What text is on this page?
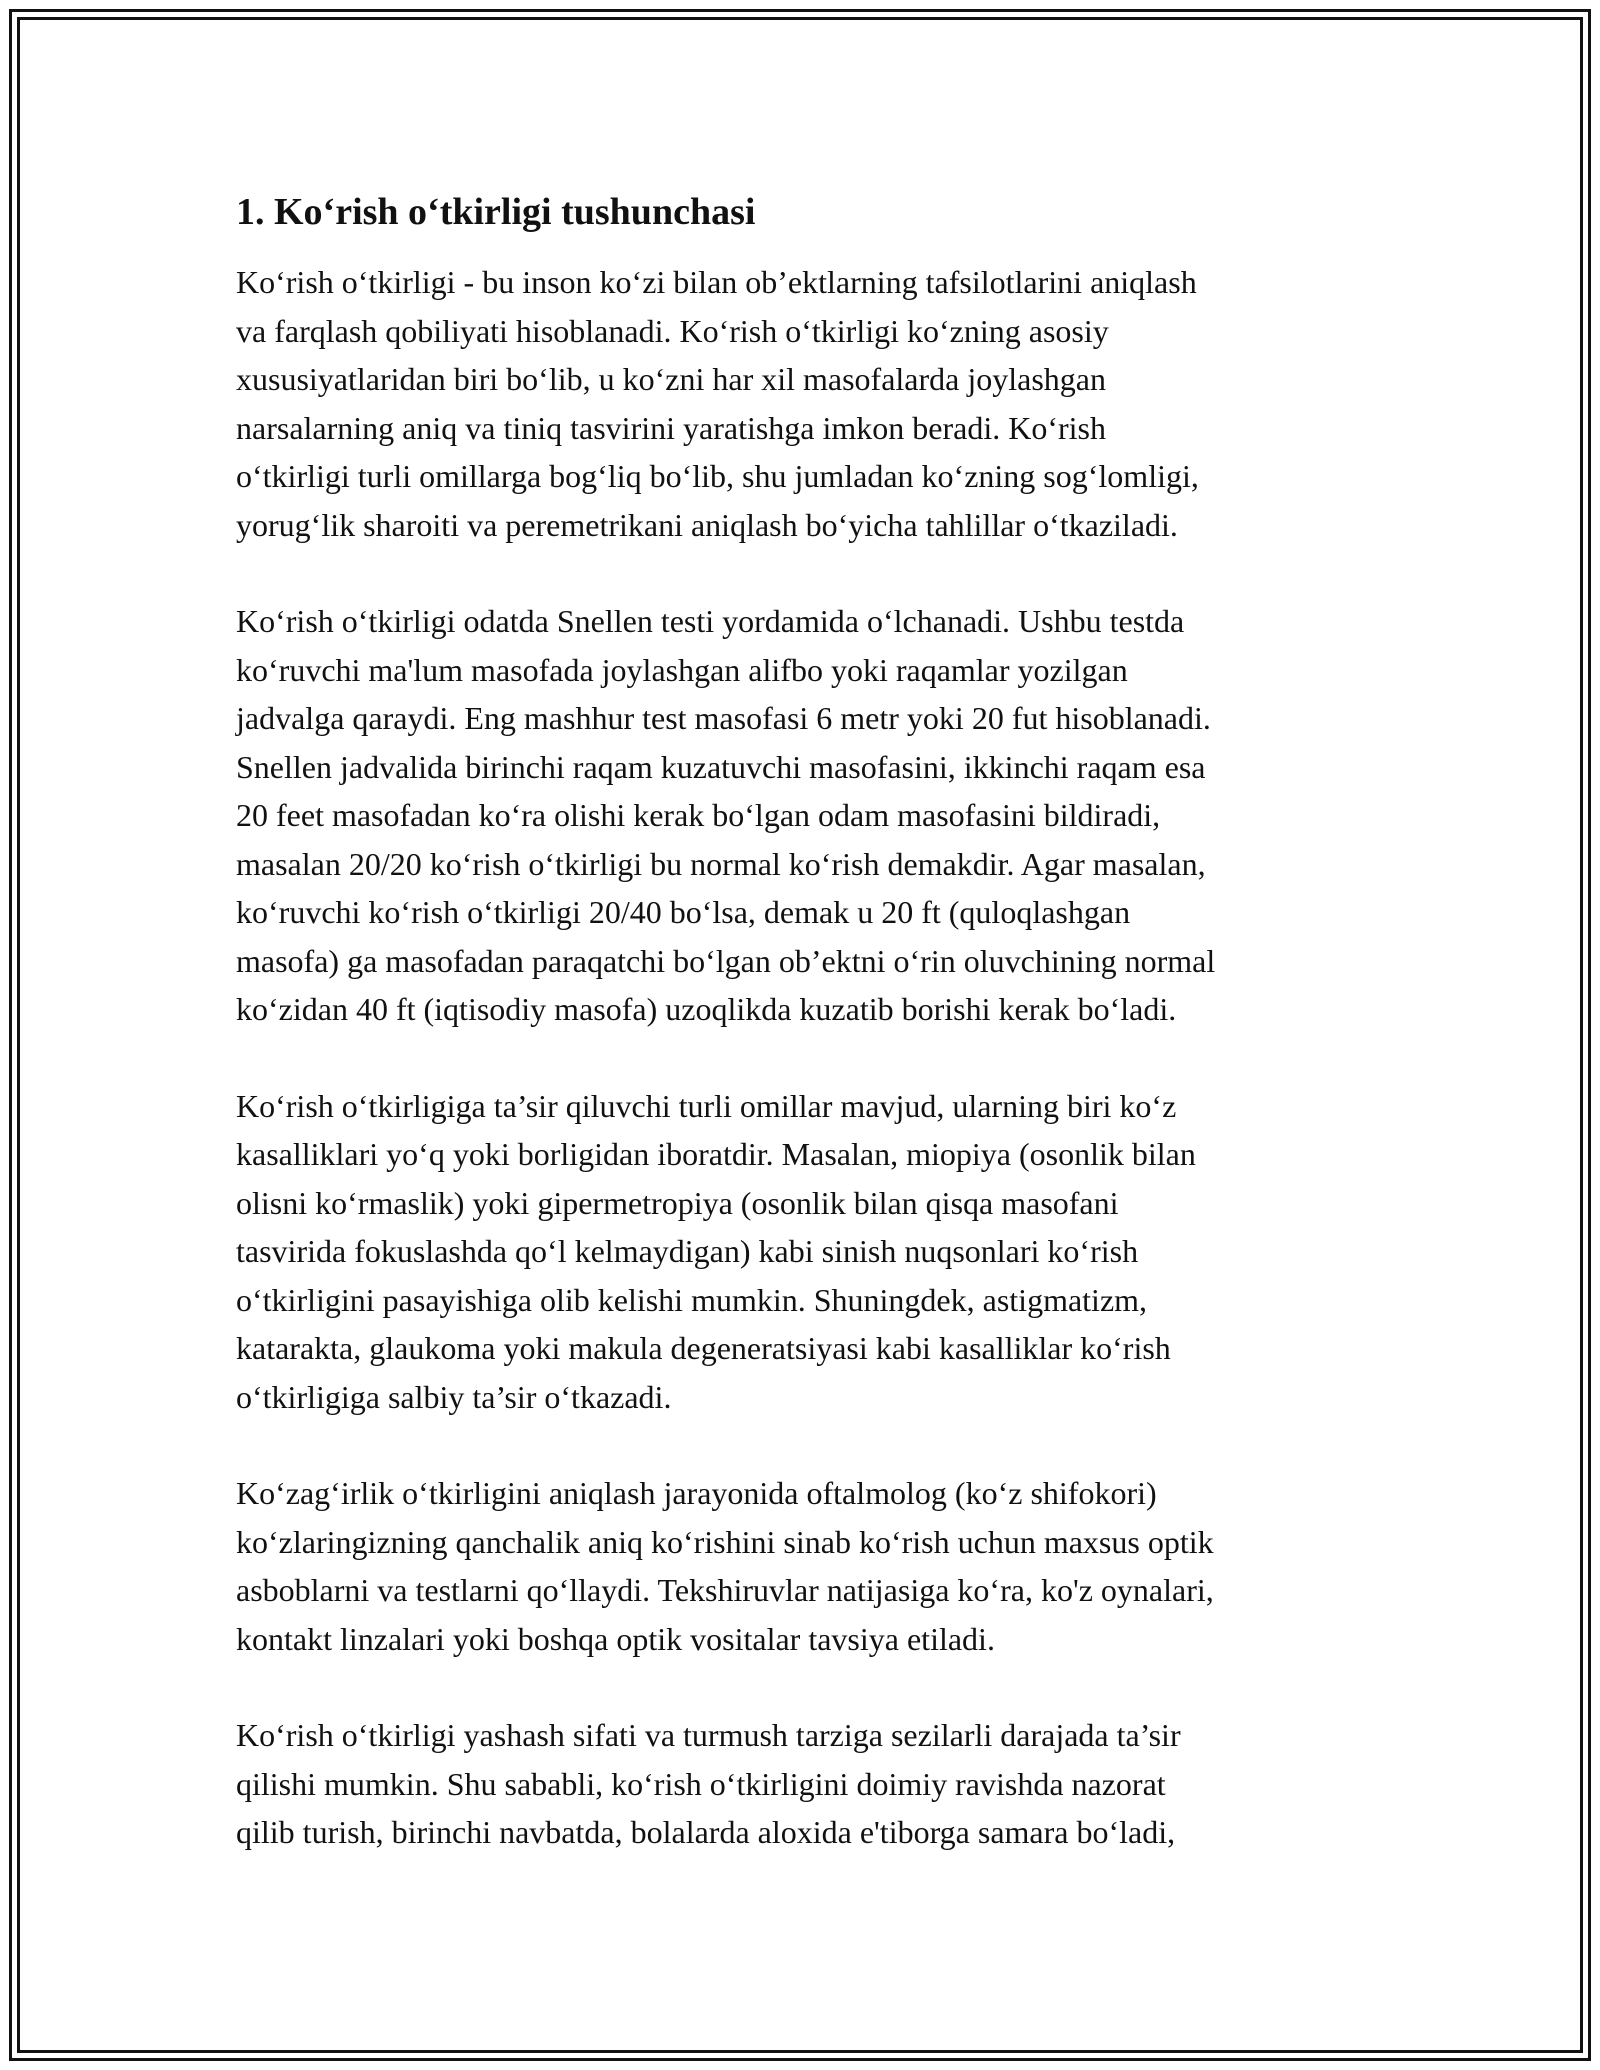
1. Ko‘rish o‘tkirligi tushunchasi

Ko‘rish o‘tkirligi - bu inson ko‘zi bilan ob’ektlarning tafsilotlarini aniqlash
va farqlash qobiliyati hisoblanadi. Ko‘rish o‘tkirligi ko‘zning asosiy
xususiyatlaridan biri bo‘lib, u ko‘zni har xil masofalarda joylashgan
narsalarning aniq va tiniq tasvirini yaratishga imkon beradi. Ko‘rish
o‘tkirligi turli omillarga bog‘liq bo‘lib, shu jumladan ko‘zning sog‘lomligi,
yorug‘lik sharoiti va peremetrikani aniqlash bo‘yicha tahlillar o‘tkaziladi.

Ko‘rish o‘tkirligi odatda Snellen testi yordamida o‘lchanadi. Ushbu testda
ko‘ruvchi ma'lum masofada joylashgan alifbo yoki raqamlar yozilgan
jadvalga qaraydi. Eng mashhur test masofasi 6 metr yoki 20 fut hisoblanadi.
Snellen jadvalida birinchi raqam kuzatuvchi masofasini, ikkinchi raqam esa
20 feet masofadan ko‘ra olishi kerak bo‘lgan odam masofasini bildiradi,
masalan 20/20 ko‘rish o‘tkirligi bu normal ko‘rish demakdir. Agar masalan,
ko‘ruvchi ko‘rish o‘tkirligi 20/40 bo‘lsa, demak u 20 ft (quloqlashgan
masofa) ga masofadan paraqatchi bo‘lgan ob’ektni o‘rin oluvchining normal
ko‘zidan 40 ft (iqtisodiy masofa) uzoqlikda kuzatib borishi kerak bo‘ladi.

Ko‘rish o‘tkirligiga ta’sir qiluvchi turli omillar mavjud, ularning biri ko‘z
kasalliklari yo‘q yoki borligidan iboratdir. Masalan, miopiya (osonlik bilan
olisni ko‘rmaslik) yoki gipermetropiya (osonlik bilan qisqa masofani
tasvirida fokuslashda qo‘l kelmaydigan) kabi sinish nuqsonlari ko‘rish
o‘tkirligini pasayishiga olib kelishi mumkin. Shuningdek, astigmatizm,
katarakta, glaukoma yoki makula degeneratsiyasi kabi kasalliklar ko‘rish
o‘tkirligiga salbiy ta’sir o‘tkazadi.

Ko‘zag‘irlik o‘tkirligini aniqlash jarayonida oftalmolog (ko‘z shifokori)
ko‘zlaringizning qanchalik aniq ko‘rishini sinab ko‘rish uchun maxsus optik
asboblarni va testlarni qo‘llaydi. Tekshiruvlar natijasiga ko‘ra, ko'z oynalari,
kontakt linzalari yoki boshqa optik vositalar tavsiya etiladi.

Ko‘rish o‘tkirligi yashash sifati va turmush tarziga sezilarli darajada ta’sir
qilishi mumkin. Shu sababli, ko‘rish o‘tkirligini doimiy ravishda nazorat
qilib turish, birinchi navbatda, bolalarda aloxida e'tiborga samara bo‘ladi,
